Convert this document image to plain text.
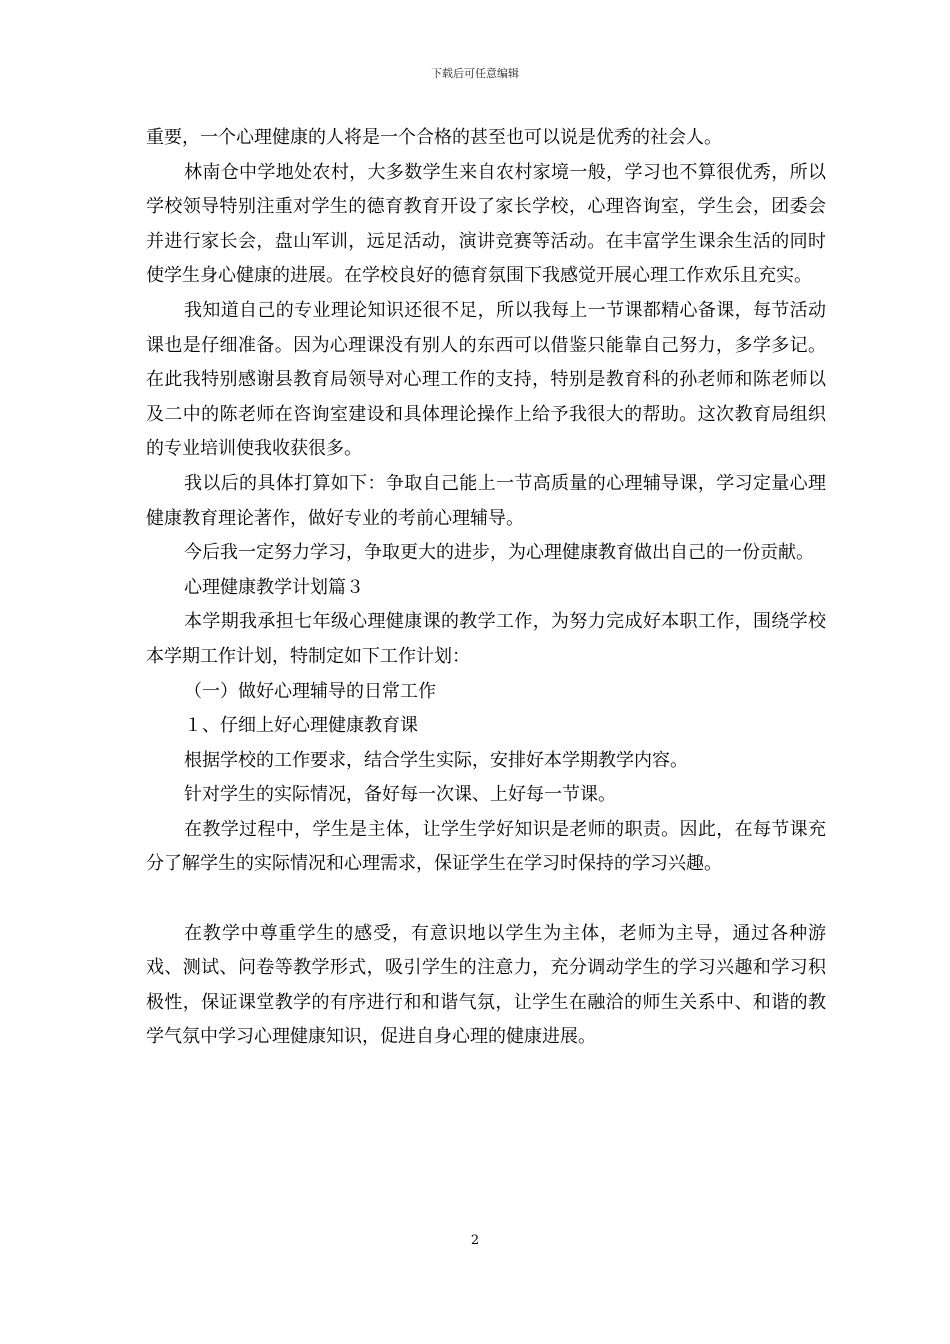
下载后可任意编辑

重要，一个心理健康的人将是一个合格的甚至也可以说是优秀的社会人。

林南仓中学地处农村，大多数学生来自农村家境一般，学习也不算很优秀，所以学校领导特别注重对学生的德育教育开设了家长学校，心理咨询室，学生会，团委会并进行家长会，盘山军训，远足活动，演讲竞赛等活动。在丰富学生课余生活的同时使学生身心健康的进展。在学校良好的德育氛围下我感觉开展心理工作欢乐且充实。

我知道自己的专业理论知识还很不足，所以我每上一节课都精心备课，每节活动课也是仔细准备。因为心理课没有别人的东西可以借鉴只能靠自己努力，多学多记。在此我特别感谢县教育局领导对心理工作的支持，特别是教育科的孙老师和陈老师以及二中的陈老师在咨询室建设和具体理论操作上给予我很大的帮助。这次教育局组织的专业培训使我收获很多。

我以后的具体打算如下：争取自己能上一节高质量的心理辅导课，学习定量心理健康教育理论著作，做好专业的考前心理辅导。

今后我一定努力学习，争取更大的进步，为心理健康教育做出自己的一份贡献。

心理健康教学计划篇３

本学期我承担七年级心理健康课的教学工作，为努力完成好本职工作，围绕学校本学期工作计划，特制定如下工作计划：

（一）做好心理辅导的日常工作

１、仔细上好心理健康教育课

根据学校的工作要求，结合学生实际，安排好本学期教学内容。

针对学生的实际情况，备好每一次课、上好每一节课。

在教学过程中，学生是主体，让学生学好知识是老师的职责。因此，在每节课充分了解学生的实际情况和心理需求，保证学生在学习时保持的学习兴趣。

在教学中尊重学生的感受，有意识地以学生为主体，老师为主导，通过各种游戏、测试、问卷等教学形式，吸引学生的注意力，充分调动学生的学习兴趣和学习积极性，保证课堂教学的有序进行和和谐气氛，让学生在融洽的师生关系中、和谐的教学气氛中学习心理健康知识，促进自身心理的健康进展。

2
